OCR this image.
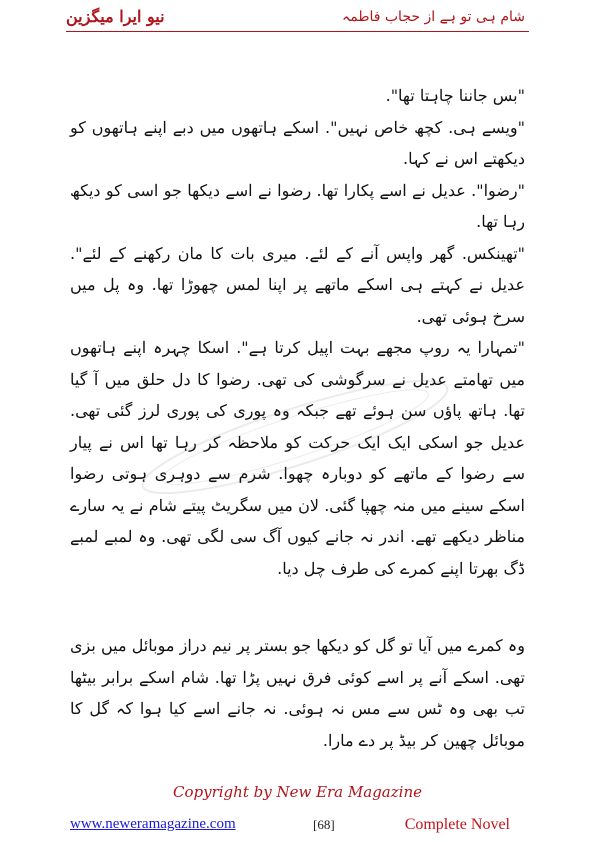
نیو ایرا میگزین	شام ہی تو ہے از حجاب فاطمہ

"بس جاننا چاہتا تھا".

"ویسے ہی. کچھ خاص نہیں". اسکے ہاتھوں میں دبے اپنے ہاتھوں کو دیکھتے اس نے کہا.

"رضوا". عدیل نے اسے پکارا تھا. رضوا نے اسے دیکھا جو اسی کو دیکھ رہا تھا.

"تھینکس. گھر واپس آنے کے لئے. میری بات کا مان رکھنے کے لئے". عدیل نے کہتے ہی اسکے ماتھے پر اپنا لمس چھوڑا تھا. وہ پل میں سرخ ہوئی تھی.

"تمہارا یہ روپ مجھے بہت اپیل کرتا ہے". اسکا چہرہ اپنے ہاتھوں میں تھامتے عدیل نے سرگوشی کی تھی. رضوا کا دل حلق میں آ گیا تھا. ہاتھ پاؤں سن ہوئے تھے جبکہ وہ پوری کی پوری لرز گئی تھی. عدیل جو اسکی ایک ایک حرکت کو ملاحظہ کر رہا تھا اس نے پیار سے رضوا کے ماتھے کو دوبارہ چھوا. شرم سے دوہری ہوتی رضوا اسکے سینے میں منہ چھپا گئی. لان میں سگریٹ پیتے شام نے یہ سارے مناظر دیکھے تھے. اندر نہ جانے کیوں آگ سی لگی تھی. وہ لمبے لمبے ڈگ بھرتا اپنے کمرے کی طرف چل دیا.

وہ کمرے میں آیا تو گل کو دیکھا جو بستر پر نیم دراز موبائل میں بزی تھی. اسکے آنے پر اسے کوئی فرق نہیں پڑا تھا. شام اسکے برابر بیٹھا تب بھی وہ ٹس سے مس نہ ہوئی. نہ جانے اسے کیا ہوا کہ گل کا موبائل چھین کر بیڈ پر دے مارا.

Copyright by New Era Magazine
www.neweramagazine.com	[68]	Complete Novel
